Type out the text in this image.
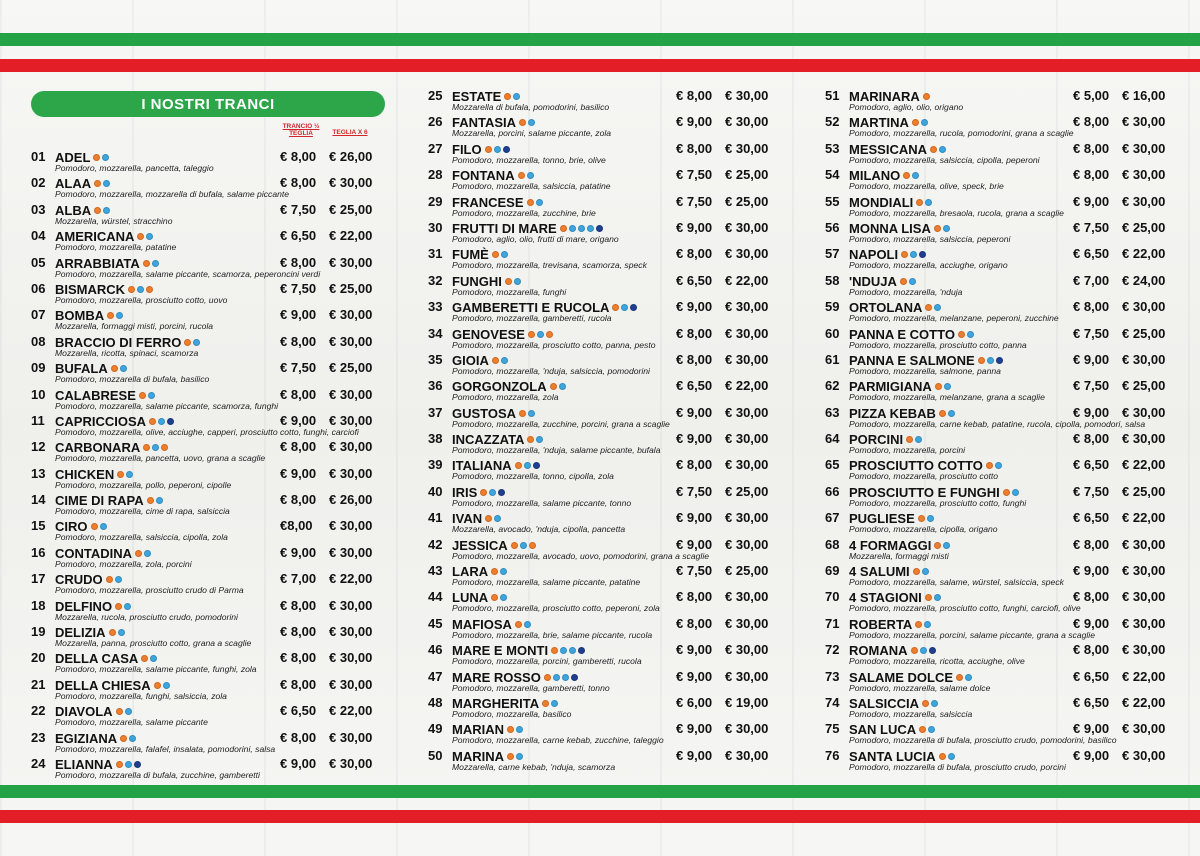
I NOSTRI TRANCI
TRANCIO ½ TEGLIA	TEGLIA X 6
01 ADEL	€ 8,00 € 26,00
Pomodoro, mozzarella, pancetta, taleggio
02 ALAA	€ 8,00 € 30,00
Pomodoro, mozzarella, mozzarella di bufala, salame piccante
03 ALBA	€ 7,50 € 25,00
Mozzarella, würstel, stracchino
04 AMERICANA	€ 6,50 € 22,00
Pomodoro, mozzarella, patatine
05 ARRABBIATA	€ 8,00 € 30,00
Pomodoro, mozzarella, salame piccante, scamorza, peperoncini verdi
06 BISMARCK	€ 7,50 € 25,00
Pomodoro, mozzarella, prosciutto cotto, uovo
07 BOMBA	€ 9,00 € 30,00
Mozzarella, formaggi misti, porcini, rucola
08 BRACCIO DI FERRO	€ 8,00 € 30,00
Mozzarella, ricotta, spinaci, scamorza
09 BUFALA	€ 7,50 € 25,00
Pomodoro, mozzarella di bufala, basilico
10 CALABRESE	€ 8,00 € 30,00
Pomodoro, mozzarella, salame piccante, scamorza, funghi
11 CAPRICCIOSA	€ 9,00 € 30,00
Pomodoro, mozzarella, olive, acciughe, capperi, prosciutto cotto, funghi, carciofi
12 CARBONARA	€ 8,00 € 30,00
Pomodoro, mozzarella, pancetta, uovo, grana a scaglie
13 CHICKEN	€ 9,00 € 30,00
Pomodoro, mozzarella, pollo, peperoni, cipolle
14 CIME DI RAPA	€ 8,00 € 26,00
Pomodoro, mozzarella, cime di rapa, salsiccia
15 CIRO	€8,00 € 30,00
Pomodoro, mozzarella, salsiccia, cipolla, zola
16 CONTADINA	€ 9,00 € 30,00
Pomodoro, mozzarella, zola, porcini
17 CRUDO	€ 7,00 € 22,00
Pomodoro, mozzarella, prosciutto crudo di Parma
18 DELFINO	€ 8,00 € 30,00
Mozzarella, rucola, prosciutto crudo, pomodorini
19 DELIZIA	€ 8,00 € 30,00
Mozzarella, panna, prosciutto cotto, grana a scaglie
20 DELLA CASA	€ 8,00 € 30,00
Pomodoro, mozzarella, salame piccante, funghi, zola
21 DELLA CHIESA	€ 8,00 € 30,00
Pomodoro, mozzarella, funghi, salsiccia, zola
22 DIAVOLA	€ 6,50 € 22,00
Pomodoro, mozzarella, salame piccante
23 EGIZIANA	€ 8,00 € 30,00
Pomodoro, mozzarella, falafel, insalata, pomodorini, salsa
24 ELIANNA	€ 9,00 € 30,00
Pomodoro, mozzarella di bufala, zucchine, gamberetti
25 ESTATE	€ 8,00 € 30,00
Mozzarella di bufala, pomodorini, basilico
26 FANTASIA	€ 9,00 € 30,00
Mozzarella, porcini, salame piccante, zola
27 FILO	€ 8,00 € 30,00
Pomodoro, mozzarella, tonno, brie, olive
28 FONTANA	€ 7,50 € 25,00
Pomodoro, mozzarella, salsiccia, patatine
29 FRANCESE	€ 7,50 € 25,00
Pomodoro, mozzarella, zucchine, brie
30 FRUTTI DI MARE	€ 9,00 € 30,00
Pomodoro, aglio, olio, frutti di mare, origano
31 FUMÈ	€ 8,00 € 30,00
Pomodoro, mozzarella, trevisana, scamorza, speck
32 FUNGHI	€ 6,50 € 22,00
Pomodoro, mozzarella, funghi
33 GAMBERETTI E RUCOLA	€ 9,00 € 30,00
Pomodoro, mozzarella, gamberetti, rucola
34 GENOVESE	€ 8,00 € 30,00
Pomodoro, mozzarella, prosciutto cotto, panna, pesto
35 GIOIA	€ 8,00 € 30,00
Pomodoro, mozzarella, 'nduja, salsiccia, pomodorini
36 GORGONZOLA	€ 6,50 € 22,00
Pomodoro, mozzarella, zola
37 GUSTOSA	€ 9,00 € 30,00
Pomodoro, mozzarella, zucchine, porcini, grana a scaglie
38 INCAZZATA	€ 9,00 € 30,00
Pomodoro, mozzarella, 'nduja, salame piccante, bufala
39 ITALIANA	€ 8,00 € 30,00
Pomodoro, mozzarella, tonno, cipolla, zola
40 IRIS	€ 7,50 € 25,00
Pomodoro, mozzarella, salame piccante, tonno
41 IVAN	€ 9,00 € 30,00
Mozzarella, avocado, 'nduja, cipolla, pancetta
42 JESSICA	€ 9,00 € 30,00
Pomodoro, mozzarella, avocado, uovo, pomodorini, grana a scaglie
43 LARA	€ 7,50 € 25,00
Pomodoro, mozzarella, salame piccante, patatine
44 LUNA	€ 8,00 € 30,00
Pomodoro, mozzarella, prosciutto cotto, peperoni, zola
45 MAFIOSA	€ 8,00 € 30,00
Pomodoro, mozzarella, brie, salame piccante, rucola
46 MARE E MONTI	€ 9,00 € 30,00
Pomodoro, mozzarella, porcini, gamberetti, rucola
47 MARE ROSSO	€ 9,00 € 30,00
Pomodoro, mozzarella, gamberetti, tonno
48 MARGHERITA	€ 6,00 € 19,00
Pomodoro, mozzarella, basilico
49 MARIAN	€ 9,00 € 30,00
Pomodoro, mozzarella, carne kebab, zucchine, taleggio
50 MARINA	€ 9,00 € 30,00
Mozzarella, carne kebab, 'nduja, scamorza
51 MARINARA	€ 5,00 € 16,00
Pomodoro, aglio, olio, origano
52 MARTINA	€ 8,00 € 30,00
Pomodoro, mozzarella, rucola, pomodorini, grana a scaglie
53 MESSICANA	€ 8,00 € 30,00
Pomodoro, mozzarella, salsiccia, cipolla, peperoni
54 MILANO	€ 8,00 € 30,00
Pomodoro, mozzarella, olive, speck, brie
55 MONDIALI	€ 9,00 € 30,00
Pomodoro, mozzarella, bresaola, rucola, grana a scaglie
56 MONNA LISA	€ 7,50 € 25,00
Pomodoro, mozzarella, salsiccia, peperoni
57 NAPOLI	€ 6,50 € 22,00
Pomodoro, mozzarella, acciughe, origano
58 'NDUJA	€ 7,00 € 24,00
Pomodoro, mozzarella, 'nduja
59 ORTOLANA	€ 8,00 € 30,00
Pomodoro, mozzarella, melanzane, peperoni, zucchine
60 PANNA E COTTO	€ 7,50 € 25,00
Pomodoro, mozzarella, prosciutto cotto, panna
61 PANNA E SALMONE	€ 9,00 € 30,00
Pomodoro, mozzarella, salmone, panna
62 PARMIGIANA	€ 7,50 € 25,00
Pomodoro, mozzarella, melanzane, grana a scaglie
63 PIZZA KEBAB	€ 9,00 € 30,00
Pomodoro, mozzarella, carne kebab, patatine, rucola, cipolla, pomodori, salsa
64 PORCINI	€ 8,00 € 30,00
Pomodoro, mozzarella, porcini
65 PROSCIUTTO COTTO	€ 6,50 € 22,00
Pomodoro, mozzarella, prosciutto cotto
66 PROSCIUTTO E FUNGHI	€ 7,50 € 25,00
Pomodoro, mozzarella, prosciutto cotto, funghi
67 PUGLIESE	€ 6,50 € 22,00
Pomodoro, mozzarella, cipolla, origano
68 4 FORMAGGI	€ 8,00 € 30,00
Mozzarella, formaggi misti
69 4 SALUMI	€ 9,00 € 30,00
Pomodoro, mozzarella, salame, würstel, salsiccia, speck
70 4 STAGIONI	€ 8,00 € 30,00
Pomodoro, mozzarella, prosciutto cotto, funghi, carciofi, olive
71 ROBERTA	€ 9,00 € 30,00
Pomodoro, mozzarella, porcini, salame piccante, grana a scaglie
72 ROMANA	€ 8,00 € 30,00
Pomodoro, mozzarella, ricotta, acciughe, olive
73 SALAME DOLCE	€ 6,50 € 22,00
Pomodoro, mozzarella, salame dolce
74 SALSICCIA	€ 6,50 € 22,00
Pomodoro, mozzarella, salsiccia
75 SAN LUCA	€ 9,00 € 30,00
Pomodoro, mozzarella di bufala, prosciutto crudo, pomodorini, basilico
76 SANTA LUCIA	€ 9,00 € 30,00
Pomodoro, mozzarella di bufala, prosciutto crudo, porcini
